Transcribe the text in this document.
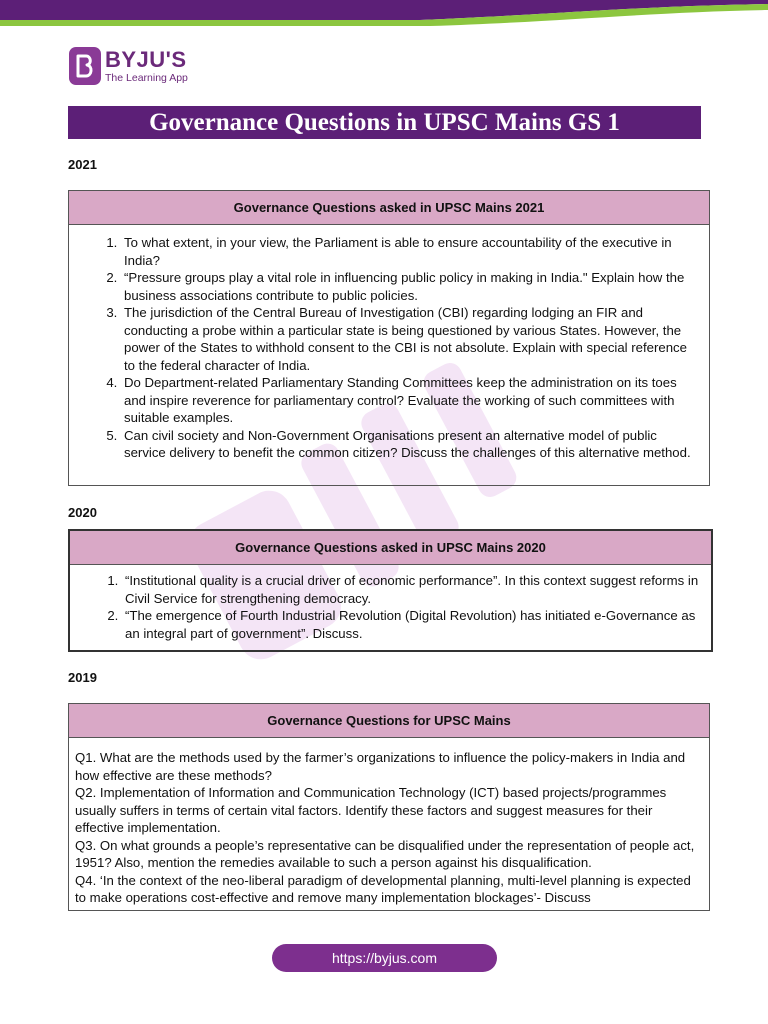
BYJU'S
The Learning App
Governance Questions in UPSC Mains GS 1
2021
Governance Questions asked in UPSC Mains 2021
1. To what extent, in your view, the Parliament is able to ensure accountability of the executive in India?
2. “Pressure groups play a vital role in influencing public policy in making in India." Explain how the business associations contribute to public policies.
3. The jurisdiction of the Central Bureau of Investigation (CBI) regarding lodging an FIR and conducting a probe within a particular state is being questioned by various States. However, the power of the States to withhold consent to the CBI is not absolute. Explain with special reference to the federal character of India.
4. Do Department-related Parliamentary Standing Committees keep the administration on its toes and inspire reverence for parliamentary control? Evaluate the working of such committees with suitable examples.
5. Can civil society and Non-Government Organisations present an alternative model of public service delivery to benefit the common citizen? Discuss the challenges of this alternative method.
2020
Governance Questions asked in UPSC Mains 2020
1. “Institutional quality is a crucial driver of economic performance”. In this context suggest reforms in Civil Service for strengthening democracy.
2. “The emergence of Fourth Industrial Revolution (Digital Revolution) has initiated e-Governance as an integral part of government”. Discuss.
2019
Governance Questions for UPSC Mains

Q1. What are the methods used by the farmer’s organizations to influence the policy-makers in India and how effective are these methods?

Q2. Implementation of Information and Communication Technology (ICT) based projects/programmes usually suffers in terms of certain vital factors. Identify these factors and suggest measures for their effective implementation.

Q3. On what grounds a people’s representative can be disqualified under the representation of people act, 1951? Also, mention the remedies available to such a person against his disqualification.

Q4. ‘In the context of the neo-liberal paradigm of developmental planning, multi-level planning is expected to make operations cost-effective and remove many implementation blockages’- Discuss

https://byjus.com
